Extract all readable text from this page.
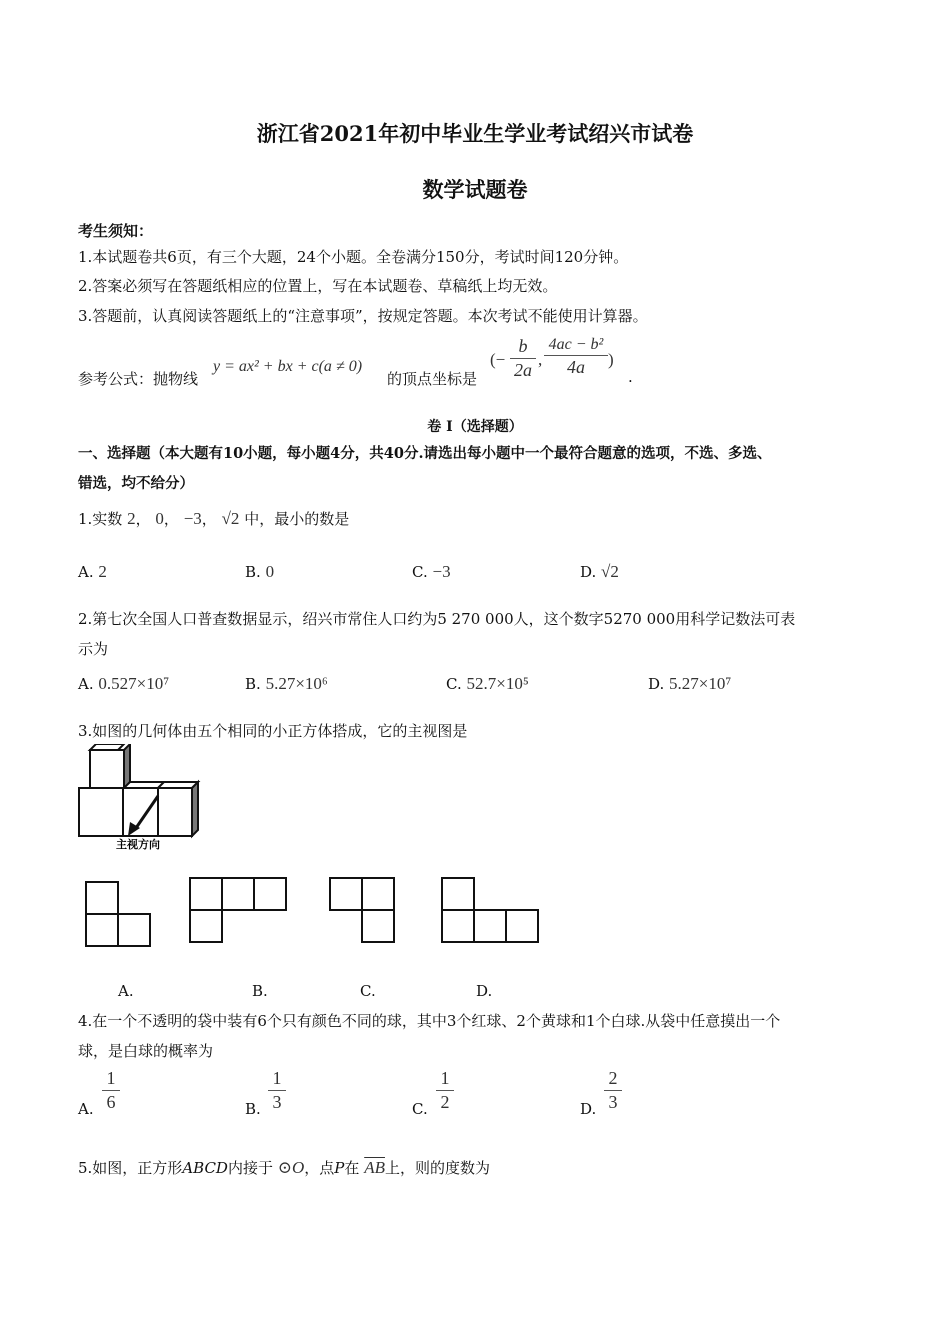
浙江省2021年初中毕业生学业考试绍兴市试卷
数学试题卷
考生须知：
1.本试题卷共6页，有三个大题，24个小题。全卷满分150分，考试时间120分钟。
2.答案必须写在答题纸相应的位置上，写在本试题卷、草稿纸上均无效。
3.答题前，认真阅读答题纸上的“注意事项”，按规定答题。本次考试不能使用计算器。
参考公式：抛物线
y = ax² + bx + c(a ≠ 0)
的顶点坐标是
(− $\frac{b}{2a}$ , $\frac{\text{4ac − b²}}{4a}$ )
.
卷 I（选择题）
一、选择题（本大题有10小题，每小题4分，共40分.请选出每小题中一个最符合题意的选项，不选、多选、
错选，均不给分）
1.实数 2， 0， −3， √2 中，最小的数是
A. 2	B. 0	C. −3	D. √2
2.第七次全国人口普查数据显示，绍兴市常住人口约为5 270 000人，这个数字5270 000用科学记数法可表
示为
A. 0.527×10⁷	B. 5.27×10⁶	C. 52.7×10⁵	D. 5.27×10⁷
3.如图的几何体由五个相同的小正方体搭成，它的主视图是
主视方向
A.	B.	C.	D.
4.在一个不透明的袋中装有6个只有颜色不同的球，其中3个红球、2个黄球和1个白球.从袋中任意摸出一个
球，是白球的概率为
A. $\frac{1}{6}$	B. $\frac{1}{3}$	C. $\frac{1}{2}$	D. $\frac{2}{3}$
5.如图，正方形ABCD内接于 ⊙O，点P在 $\overline{AB}$上，则的度数为
